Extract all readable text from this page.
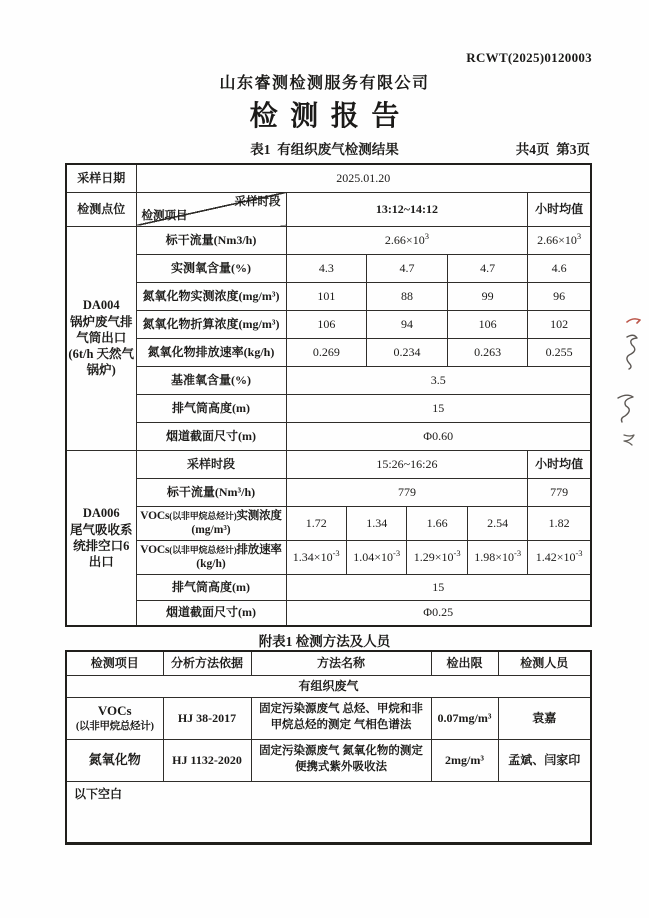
RCWT(2025)0120003
山东睿测检测服务有限公司
检测报告
表1  有组织废气检测结果	共4页  第3页
采样日期	2025.01.20							
检测点位	采样时段
检测项目	13:12~14:12						小时均值

DA004
锅炉废气排气筒出口
(6t/h 天然气锅炉)	标干流量(Nm3/h)	$2.66\times 10^3$						$2.66\times 10^3$
	实测氧含量(%)	4.3		4.7		4.7		4.6
	氮氧化物实测浓度(mg/m³)	101		88		99		96
	氮氧化物折算浓度(mg/m³)	106		94		106		102
	氮氧化物排放速率(kg/h)	0.269		0.234		0.263		0.255
	基准氧含量(%)	3.5						
	排气筒高度(m)	15						
	烟道截面尺寸(m)	Φ0.60						

DA006
尾气吸收系统排空口6出口	采样时段	15:26~16:26						小时均值
	标干流量(Nm³/h)	779						779

	VOCs(以非甲烷总烃计)实测浓度
(mg/m³)	1.72	1.34		1.66		2.54	1.82

	VOCs(以非甲烷总烃计)排放速率
(kg/h)	$1.34\times 10^{-3}$	$1.04\times 10^{-3}$		$1.29\times 10^{-3}$		$1.98\times 10^{-3}$	$1.42\times 10^{-3}$
	排气筒高度(m)	15						
	烟道截面尺寸(m)	Φ0.25						
附表1 检测方法及人员
检测项目	分析方法依据	方法名称	检出限	检测人员
有组织废气				

VOCs
(以非甲烷总烃计)	HJ 38-2017	固定污染源废气 总烃、甲烷和非甲烷总烃的测定 气相色谱法	0.07mg/m³	袁嘉

氮氧化物	HJ 1132-2020	固定污染源废气 氮氧化物的测定 便携式紫外吸收法	2mg/m³	孟斌、闫家印
以下空白				
